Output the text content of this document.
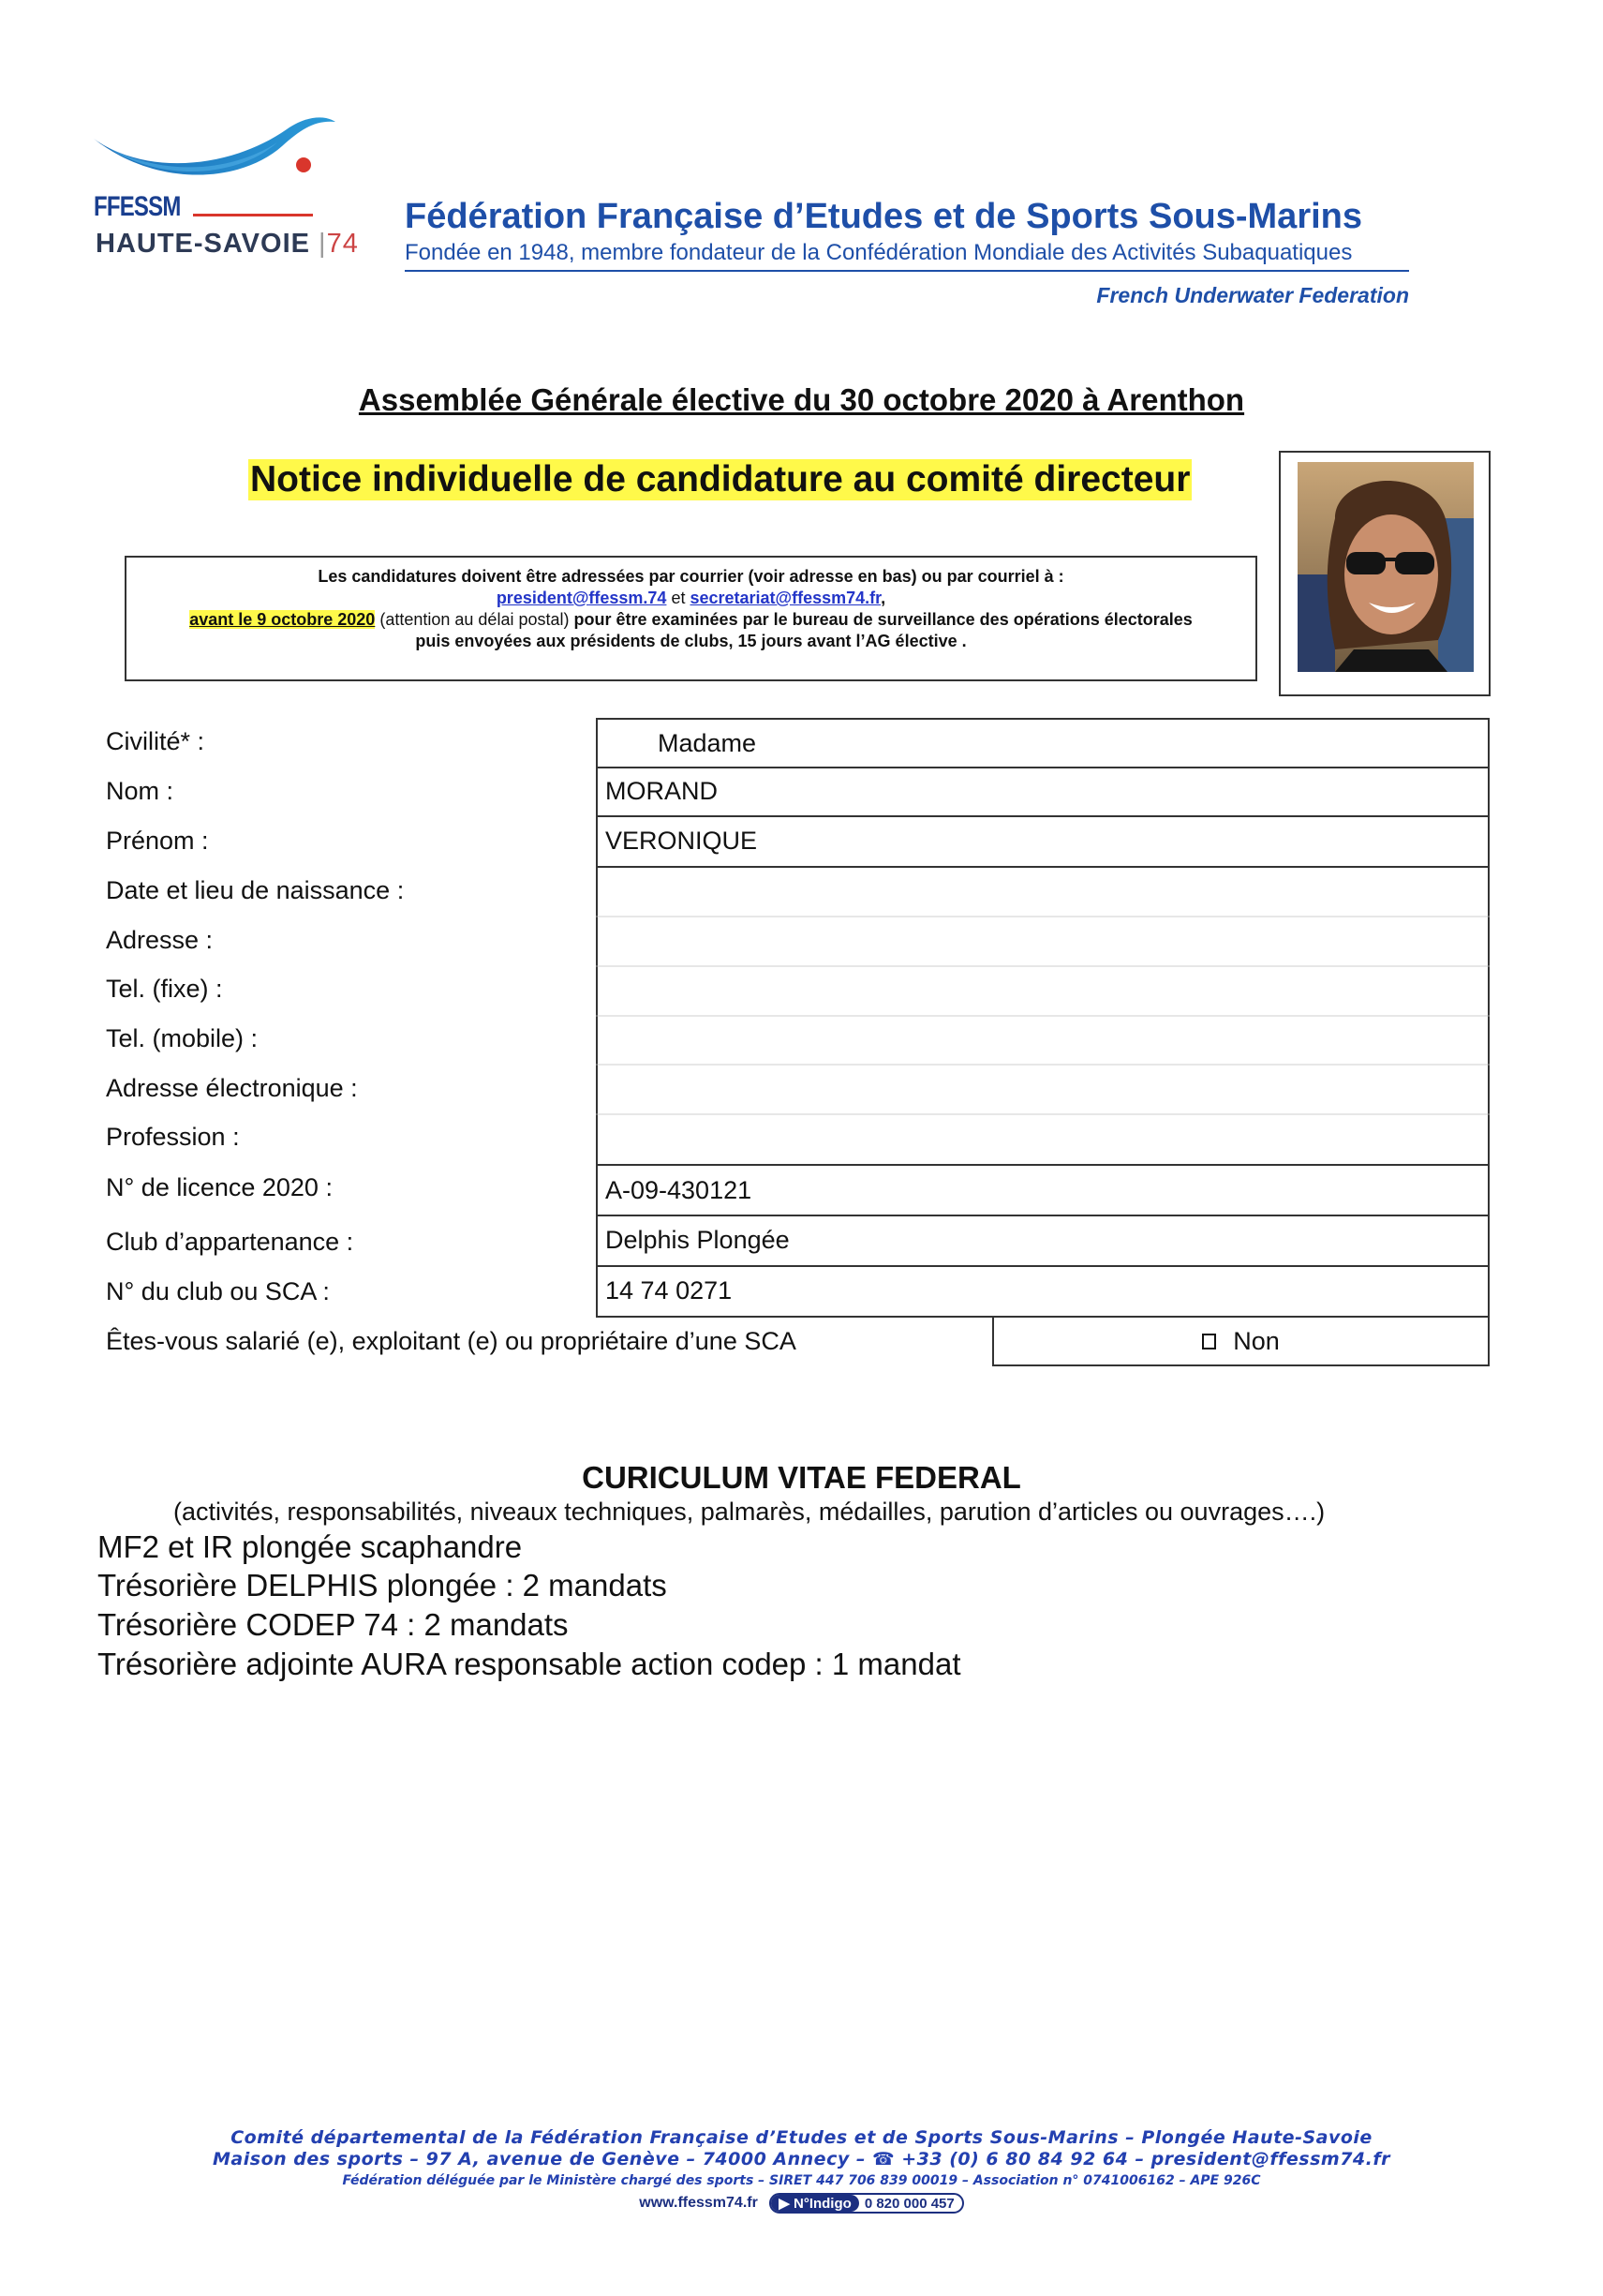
FFESSM
HAUTE-SAVOIE |74
Fédération Française d’Etudes et de Sports Sous-Marins
Fondée en 1948, membre fondateur de la Confédération Mondiale des Activités Subaquatiques
French Underwater Federation
Assemblée Générale élective du 30 octobre 2020 à Arenthon
Notice individuelle de candidature au comité directeur
Les candidatures doivent être adressées par courrier (voir adresse en bas) ou par courriel à :
president@ffessm.74 et secretariat@ffessm74.fr,
avant le 9 octobre 2020 (attention au délai postal) pour être examinées par le bureau de surveillance des opérations électorales
puis envoyées aux présidents de clubs, 15 jours avant l’AG élective .
Civilité* :	Madame
Nom :	MORAND
Prénom :	VERONIQUE
Date et lieu de naissance :
Adresse :
Tel. (fixe) :
Tel. (mobile) :
Adresse électronique :
Profession :
N° de licence 2020 :	A-09-430121
Club d’appartenance :	Delphis Plongée
N° du club ou SCA :	14 74 0271
Êtes-vous salarié (e), exploitant (e) ou propriétaire d’une SCA	Non
CURICULUM VITAE FEDERAL
(activités, responsabilités, niveaux techniques, palmarès, médailles, parution d’articles ou ouvrages….)
MF2 et IR plongée scaphandre
Trésorière DELPHIS plongée : 2 mandats
Trésorière CODEP 74 : 2 mandats
Trésorière adjointe AURA responsable action codep : 1 mandat
Comité départemental de la Fédération Française d’Etudes et de Sports Sous-Marins – Plongée Haute-Savoie
Maison des sports – 97 A, avenue de Genève – 74000 Annecy – ☎ +33 (0) 6 80 84 92 64 – president@ffessm74.fr
Fédération déléguée par le Ministère chargé des sports – SIRET 447 706 839 00019 – Association n° 0741006162 – APE 926C
www.ffessm74.fr ▶ N°Indigo 0 820 000 457
